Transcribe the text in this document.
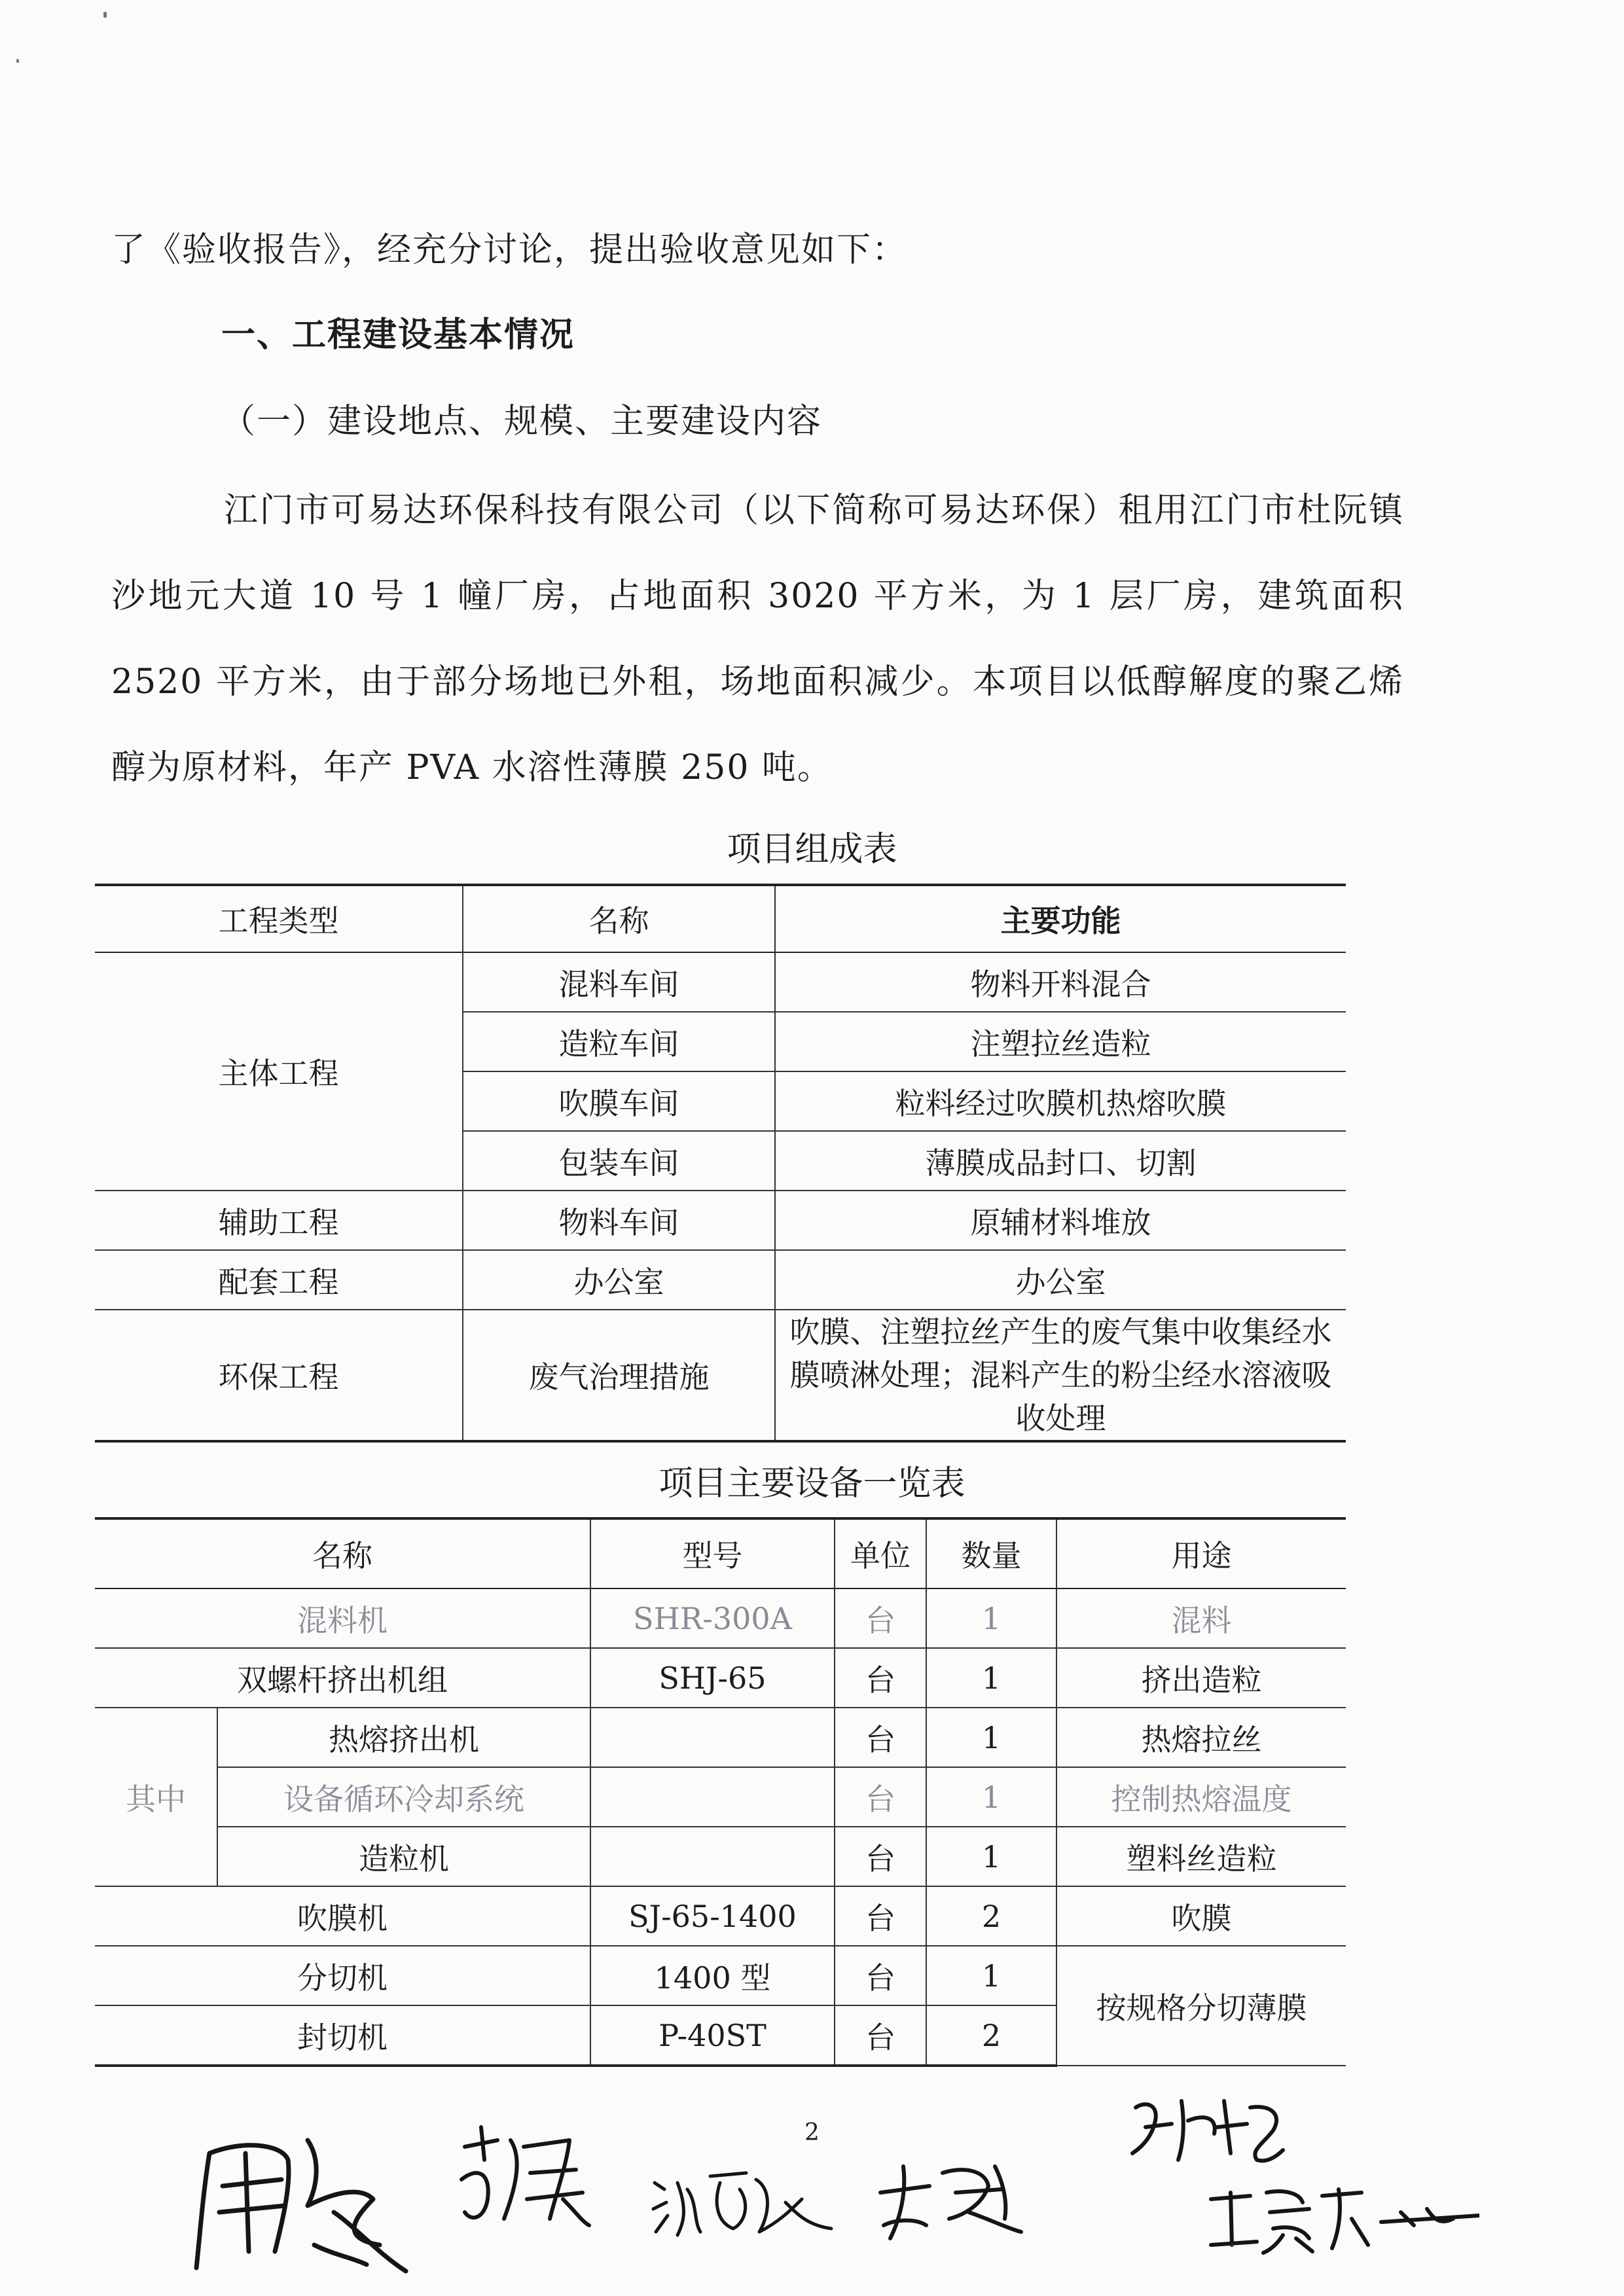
了《验收报告》，经充分讨论，提出验收意见如下：

一、工程建设基本情况

（一）建设地点、规模、主要建设内容

江门市可易达环保科技有限公司（以下简称可易达环保）租用江门市杜阮镇沙地元大道 10 号 1 幢厂房，占地面积 3020 平方米，为 1 层厂房，建筑面积 2520 平方米，由于部分场地已外租，场地面积减少。本项目以低醇解度的聚乙烯醇为原材料，年产 PVA 水溶性薄膜 250 吨。

项目组成表

工程类型	名称	主要功能
主体工程	混料车间	物料开料混合
	造粒车间	注塑拉丝造粒
	吹膜车间	粒料经过吹膜机热熔吹膜
	包装车间	薄膜成品封口、切割
辅助工程	物料车间	原辅材料堆放
配套工程	办公室	办公室
环保工程	废气治理措施	吹膜、注塑拉丝产生的废气集中收集经水膜喷淋处理；混料产生的粉尘经水溶液吸收处理

项目主要设备一览表

名称		型号	单位	数量	用途
混料机		SHR-300A	台	1	混料
双螺杆挤出机组		SHJ-65	台	1	挤出造粒
其中	热熔挤出机		台	1	热熔拉丝
	设备循环冷却系统		台	1	控制热熔温度
	造粒机		台	1	塑料丝造粒
吹膜机		SJ-65-1400	台	2	吹膜
分切机		1400 型	台	1	按规格分切薄膜
封切机		P-40ST	台	2	

2
